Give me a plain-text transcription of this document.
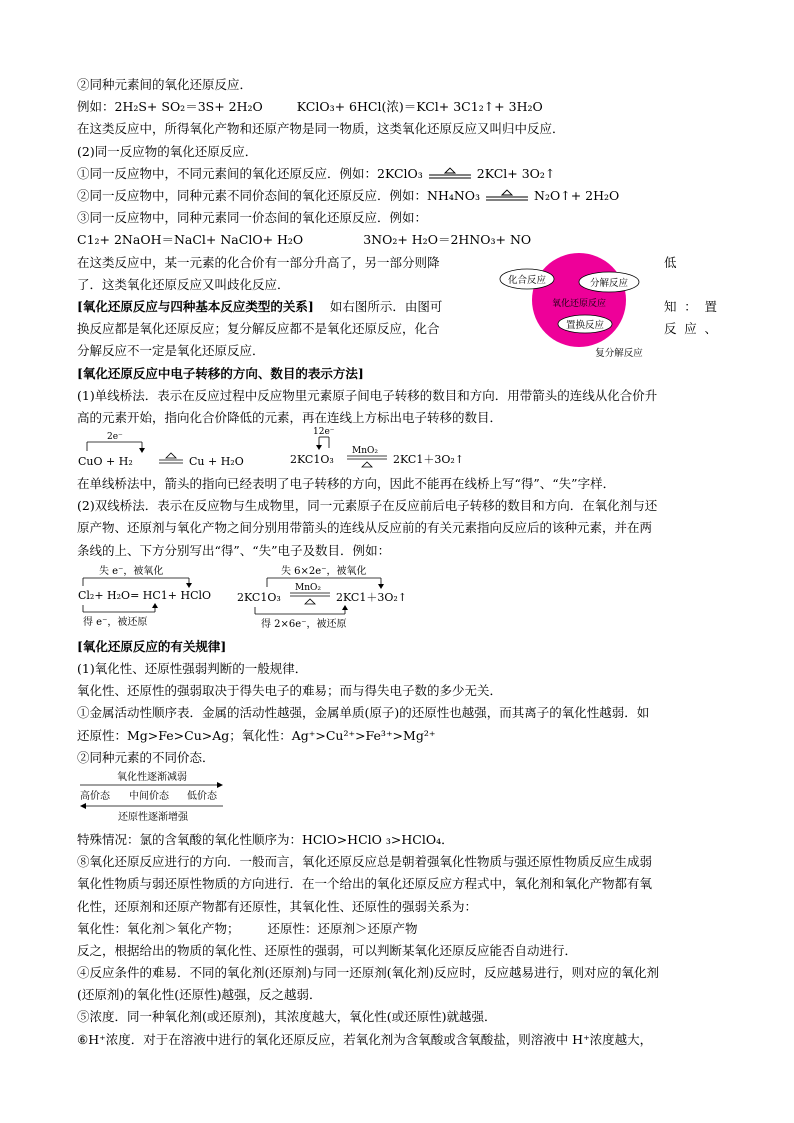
②同种元素间的氧化还原反应．
例如：2H₂S+ SO₂＝3S+ 2H₂O	KClO₃+ 6HCl(浓)＝KCl+ 3C1₂↑+ 3H₂O
在这类反应中，所得氧化产物和还原产物是同一物质，这类氧化还原反应又叫归中反应．
(2)同一反应物的氧化还原反应．
①同一反应物中，不同元素间的氧化还原反应．例如：2KClO₃	2KCl+ 3O₂↑
②同一反应物中，同种元素不同价态间的氧化还原反应．例如：NH₄NO₃	N₂O↑+ 2H₂O
③同一反应物中，同种元素同一价态间的氧化还原反应．例如：
C1₂+ 2NaOH＝NaCl+ NaClO+ H₂O	3NO₂+ H₂O＝2HNO₃+ NO
在这类反应中，某一元素的化合价有一部分升高了，另一部分则降	低
了．这类氧化还原反应又叫歧化反应．
[氧化还原反应与四种基本反应类型的关系] 如右图所示．由图可	知：置
换反应都是氧化还原反应；复分解反应都不是氧化还原反应，化合	反应、
分解反应不一定是氧化还原反应．
化合反应	分解反应
氧化还原反应
置换反应
复分解反应
[氧化还原反应中电子转移的方向、数目的表示方法]
(1)单线桥法．表示在反应过程中反应物里元素原子间电子转移的数目和方向．用带箭头的连线从化合价升
高的元素开始，指向化合价降低的元素，再在连线上方标出电子转移的数目．
2e⁻
CuO + H₂	Cu + H₂O
12e⁻
2KC1O₃
MnO₂
2KC1＋3O₂↑
在单线桥法中，箭头的指向已经表明了电子转移的方向，因此不能再在线桥上写“得”、“失”字样．
(2)双线桥法．表示在反应物与生成物里，同一元素原子在反应前后电子转移的数目和方向．在氧化剂与还
原产物、还原剂与氧化产物之间分别用带箭头的连线从反应前的有关元素指向反应后的该种元素，并在两
条线的上、下方分别写出“得”、“失”电子及数目．例如：
失 e⁻，被氧化
Cl₂+ H₂O= HC1+ HClO
得 e⁻，被还原
失 6×2e⁻，被氧化
2KC1O₃
MnO₂
2KC1＋3O₂↑
得 2×6e⁻，被还原
[氧化还原反应的有关规律]
(1)氧化性、还原性强弱判断的一般规律．
氧化性、还原性的强弱取决于得失电子的难易；而与得失电子数的多少无关．
①金属活动性顺序表．金属的活动性越强，金属单质(原子)的还原性也越强，而其离子的氧化性越弱．如
还原性：Mg>Fe>Cu>Ag；氧化性：Ag⁺>Cu²⁺>Fe³⁺>Mg²⁺
②同种元素的不同价态．
氧化性逐渐减弱
高价态 中间价态 低价态
还原性逐渐增强
特殊情况：氯的含氧酸的氧化性顺序为：HClO>HClO ₃>HClO₄．
⑧氧化还原反应进行的方向．一般而言，氧化还原反应总是朝着强氧化性物质与强还原性物质反应生成弱
氧化性物质与弱还原性物质的方向进行．在一个给出的氧化还原反应方程式中，氧化剂和氧化产物都有氧
化性，还原剂和还原产物都有还原性，其氧化性、还原性的强弱关系为：
氧化性：氧化剂＞氧化产物； 还原性：还原剂＞还原产物
反之，根据给出的物质的氧化性、还原性的强弱，可以判断某氧化还原反应能否自动进行．
④反应条件的难易．不同的氧化剂(还原剂)与同一还原剂(氧化剂)反应时，反应越易进行，则对应的氧化剂
(还原剂)的氧化性(还原性)越强，反之越弱．
⑤浓度．同一种氧化剂(或还原剂)，其浓度越大，氧化性(或还原性)就越强．
⑥H⁺浓度．对于在溶液中进行的氧化还原反应，若氧化剂为含氧酸或含氧酸盐，则溶液中 H⁺浓度越大，
